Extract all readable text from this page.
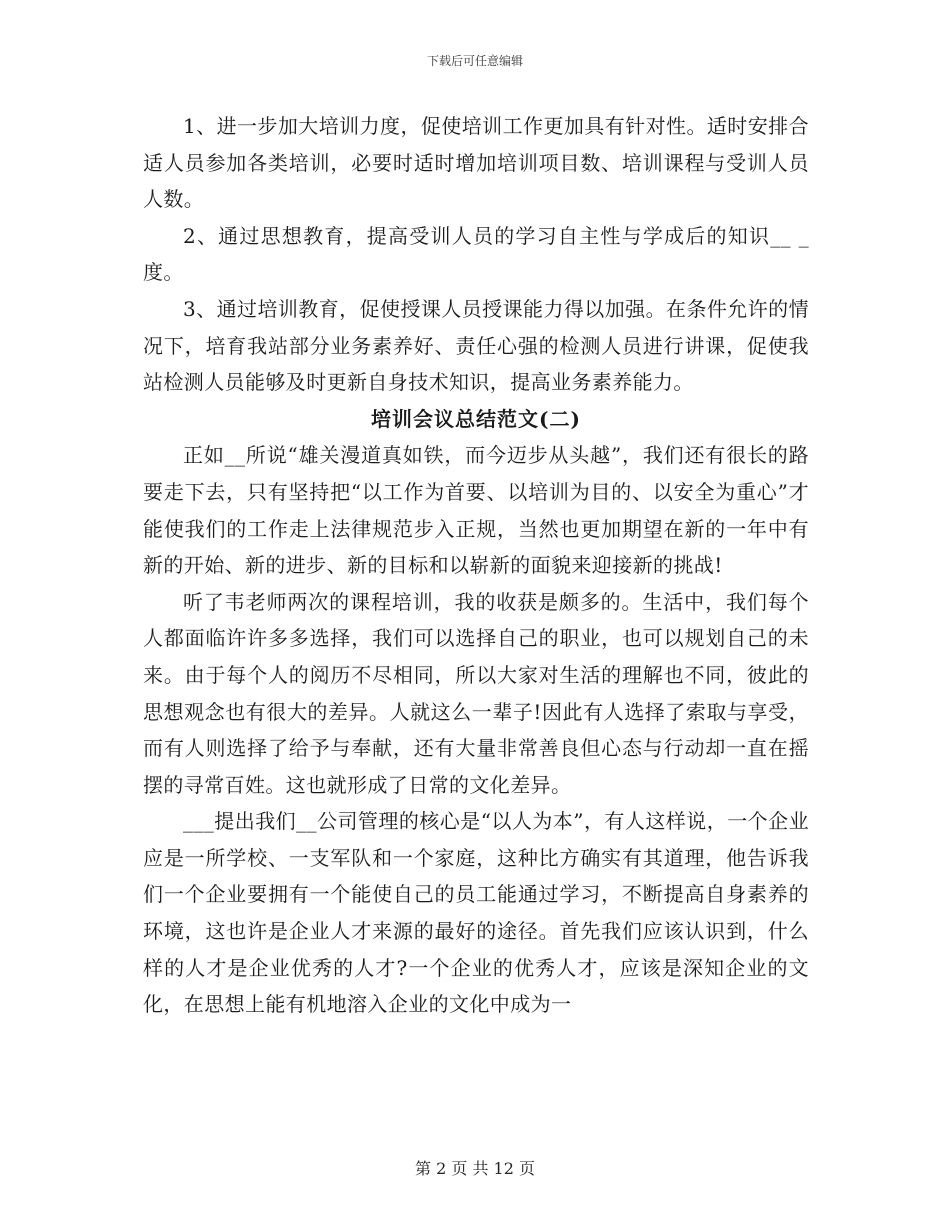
下载后可任意编辑

1、进一步加大培训力度，促使培训工作更加具有针对性。适时安排合适人员参加各类培训，必要时适时增加培训项目数、培训课程与受训人员人数。

2、通过思想教育，提高受训人员的学习自主性与学成后的知识__ _度。

3、通过培训教育，促使授课人员授课能力得以加强。在条件允许的情况下，培育我站部分业务素养好、责任心强的检测人员进行讲课，促使我站检测人员能够及时更新自身技术知识，提高业务素养能力。

培训会议总结范文(二)

正如__所说“雄关漫道真如铁，而今迈步从头越”，我们还有很长的路要走下去，只有坚持把“以工作为首要、以培训为目的、以安全为重心”才能使我们的工作走上法律规范步入正规，当然也更加期望在新的一年中有新的开始、新的进步、新的目标和以崭新的面貌来迎接新的挑战!

听了韦老师两次的课程培训，我的收获是颇多的。生活中，我们每个人都面临许许多多选择，我们可以选择自己的职业，也可以规划自己的未来。由于每个人的阅历不尽相同，所以大家对生活的理解也不同，彼此的思想观念也有很大的差异。人就这么一辈子!因此有人选择了索取与享受，而有人则选择了给予与奉献，还有大量非常善良但心态与行动却一直在摇摆的寻常百姓。这也就形成了日常的文化差异。

___提出我们__公司管理的核心是“以人为本”，有人这样说，一个企业应是一所学校、一支军队和一个家庭，这种比方确实有其道理，他告诉我们一个企业要拥有一个能使自己的员工能通过学习，不断提高自身素养的环境，这也许是企业人才来源的最好的途径。首先我们应该认识到，什么样的人才是企业优秀的人才?一个企业的优秀人才，应该是深知企业的文化，在思想上能有机地溶入企业的文化中成为一

第 2 页 共 12 页
